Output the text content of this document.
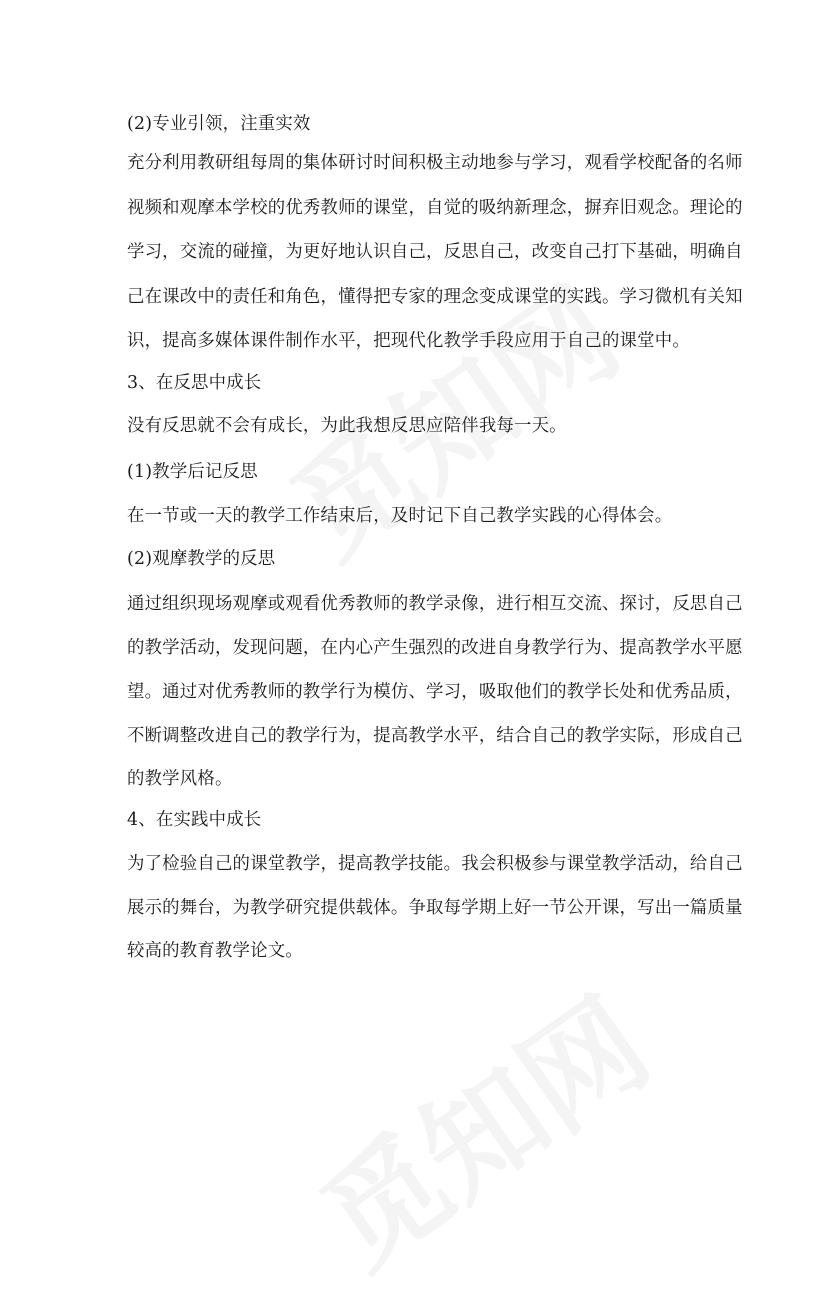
(2)专业引领，注重实效
充分利用教研组每周的集体研讨时间积极主动地参与学习，观看学校配备的名师
视频和观摩本学校的优秀教师的课堂，自觉的吸纳新理念，摒弃旧观念。理论的
学习，交流的碰撞，为更好地认识自己，反思自己，改变自己打下基础，明确自
己在课改中的责任和角色，懂得把专家的理念变成课堂的实践。学习微机有关知
识，提高多媒体课件制作水平，把现代化教学手段应用于自己的课堂中。
3、在反思中成长
没有反思就不会有成长，为此我想反思应陪伴我每一天。
(1)教学后记反思
在一节或一天的教学工作结束后，及时记下自己教学实践的心得体会。
(2)观摩教学的反思
通过组织现场观摩或观看优秀教师的教学录像，进行相互交流、探讨，反思自己
的教学活动，发现问题，在内心产生强烈的改进自身教学行为、提高教学水平愿
望。通过对优秀教师的教学行为模仿、学习，吸取他们的教学长处和优秀品质，
不断调整改进自己的教学行为，提高教学水平，结合自己的教学实际，形成自己
的教学风格。
4、在实践中成长
为了检验自己的课堂教学，提高教学技能。我会积极参与课堂教学活动，给自己
展示的舞台，为教学研究提供载体。争取每学期上好一节公开课，写出一篇质量
较高的教育教学论文。
